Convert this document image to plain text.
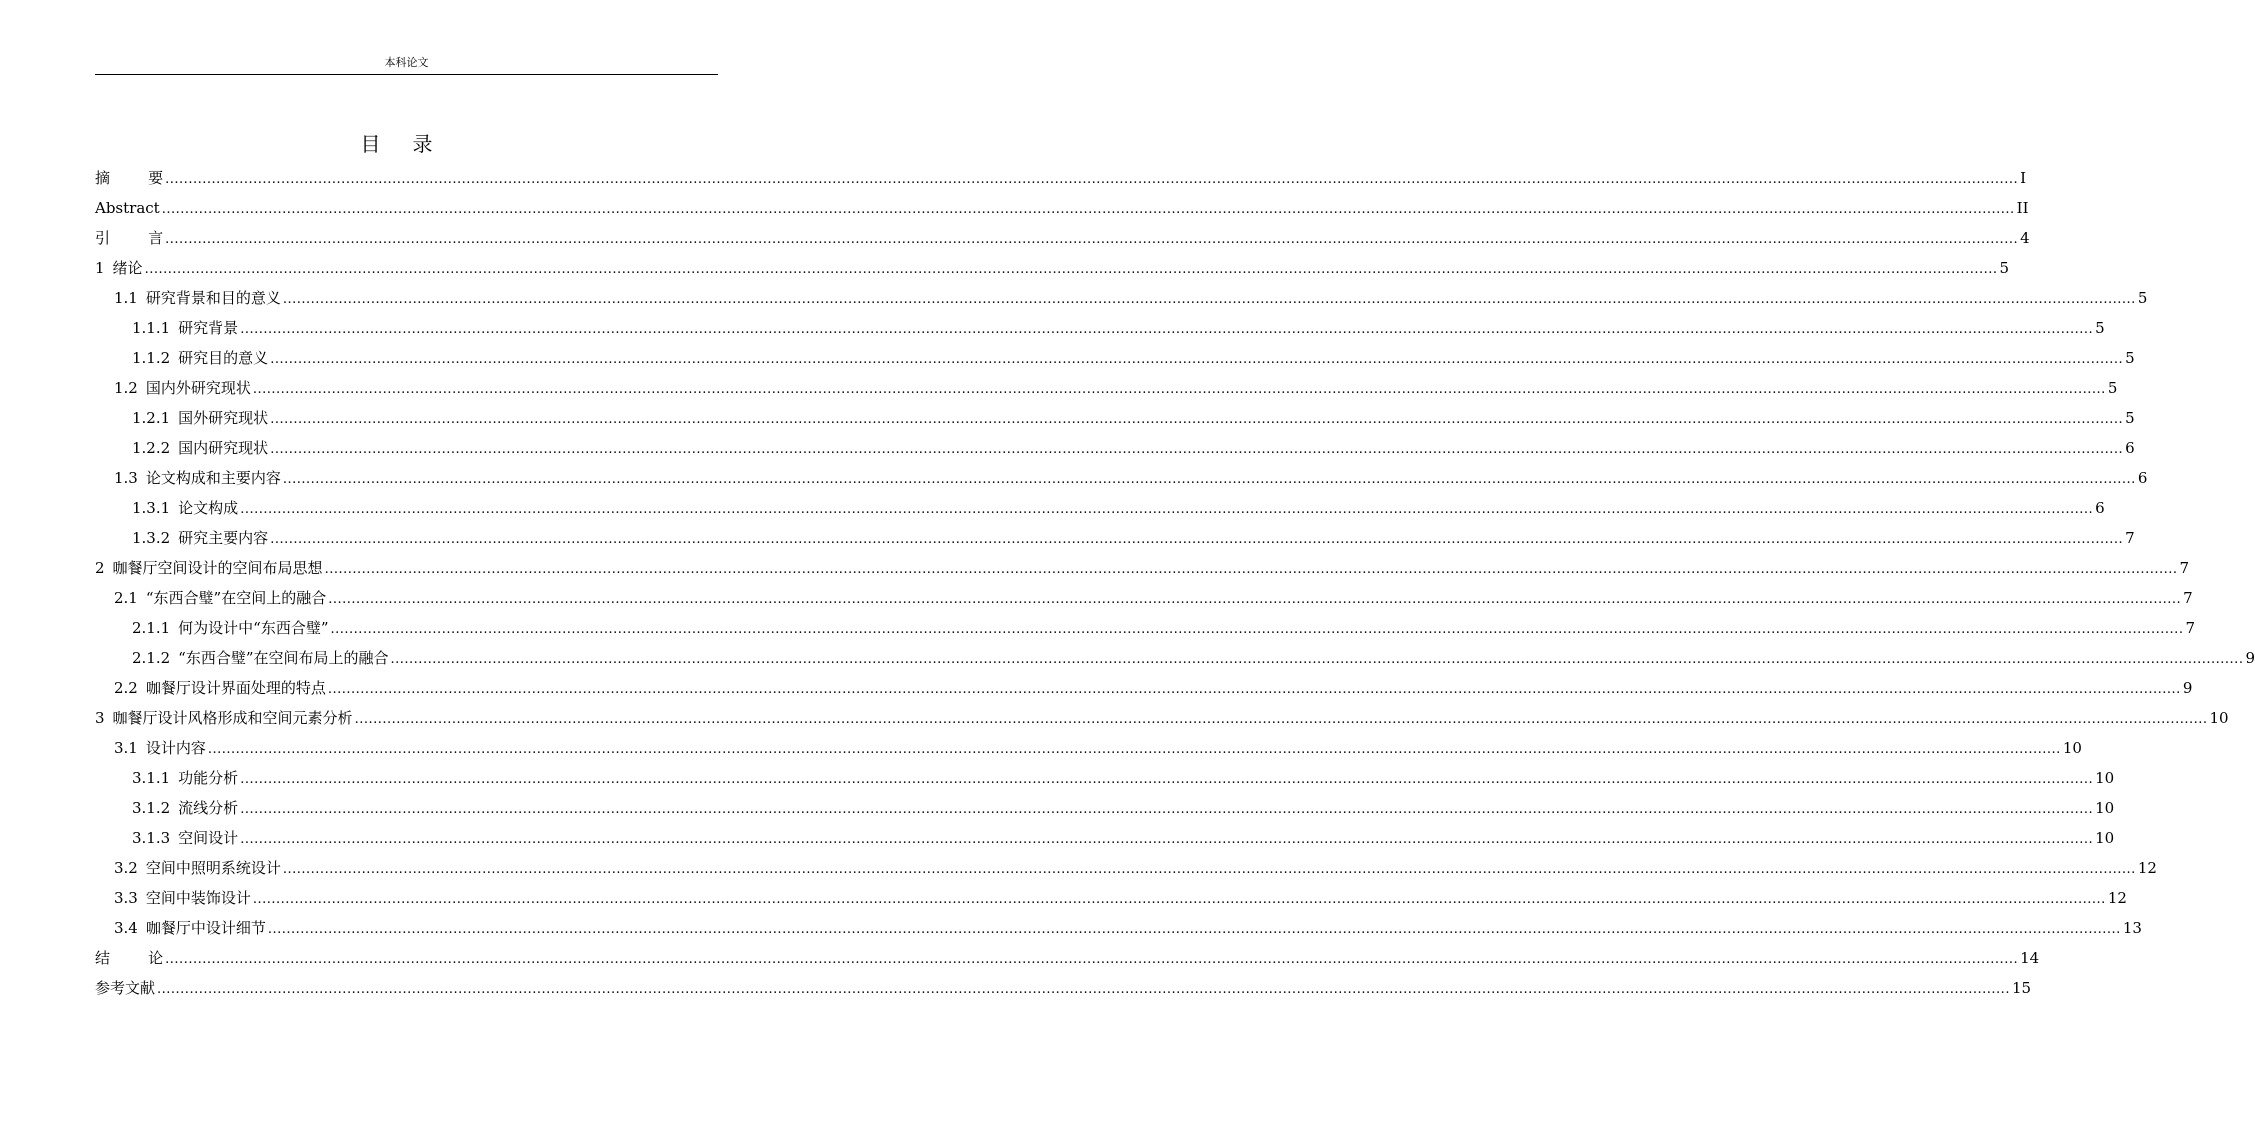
本科论文
目录
摘        要 ................................................................................................................................................................................................................................................................................................................................................................................................................ I
Abstract ................................................................................................................................................................................................................................................................................................................................................................................................................ II
引        言 ................................................................................................................................................................................................................................................................................................................................................................................................................ 4
1 绪论 ................................................................................................................................................................................................................................................................................................................................................................................................................ 5
1.1 研究背景和目的意义 ................................................................................................................................................................................................................................................................................................................................................................................................................ 5
1.1.1 研究背景 ................................................................................................................................................................................................................................................................................................................................................................................................................ 5
1.1.2 研究目的意义 ................................................................................................................................................................................................................................................................................................................................................................................................................ 5
1.2 国内外研究现状 ................................................................................................................................................................................................................................................................................................................................................................................................................ 5
1.2.1 国外研究现状 ................................................................................................................................................................................................................................................................................................................................................................................................................ 5
1.2.2 国内研究现状 ................................................................................................................................................................................................................................................................................................................................................................................................................ 6
1.3 论文构成和主要内容 ................................................................................................................................................................................................................................................................................................................................................................................................................ 6
1.3.1 论文构成 ................................................................................................................................................................................................................................................................................................................................................................................................................ 6
1.3.2 研究主要内容 ................................................................................................................................................................................................................................................................................................................................................................................................................ 7
2 咖餐厅空间设计的空间布局思想 ................................................................................................................................................................................................................................................................................................................................................................................................................ 7
2.1 “东西合璧”在空间上的融合 ................................................................................................................................................................................................................................................................................................................................................................................................................ 7
2.1.1 何为设计中“东西合璧” ................................................................................................................................................................................................................................................................................................................................................................................................................ 7
2.1.2 “东西合璧”在空间布局上的融合 ................................................................................................................................................................................................................................................................................................................................................................................................................ 9
2.2 咖餐厅设计界面处理的特点 ................................................................................................................................................................................................................................................................................................................................................................................................................ 9
3 咖餐厅设计风格形成和空间元素分析 ................................................................................................................................................................................................................................................................................................................................................................................................................ 10
3.1 设计内容 ................................................................................................................................................................................................................................................................................................................................................................................................................ 10
3.1.1 功能分析 ................................................................................................................................................................................................................................................................................................................................................................................................................ 10
3.1.2 流线分析 ................................................................................................................................................................................................................................................................................................................................................................................................................ 10
3.1.3 空间设计 ................................................................................................................................................................................................................................................................................................................................................................................................................ 10
3.2 空间中照明系统设计 ................................................................................................................................................................................................................................................................................................................................................................................................................ 12
3.3 空间中装饰设计 ................................................................................................................................................................................................................................................................................................................................................................................................................ 12
3.4 咖餐厅中设计细节 ................................................................................................................................................................................................................................................................................................................................................................................................................ 13
结        论 ................................................................................................................................................................................................................................................................................................................................................................................................................ 14
参考文献 ................................................................................................................................................................................................................................................................................................................................................................................................................ 15
